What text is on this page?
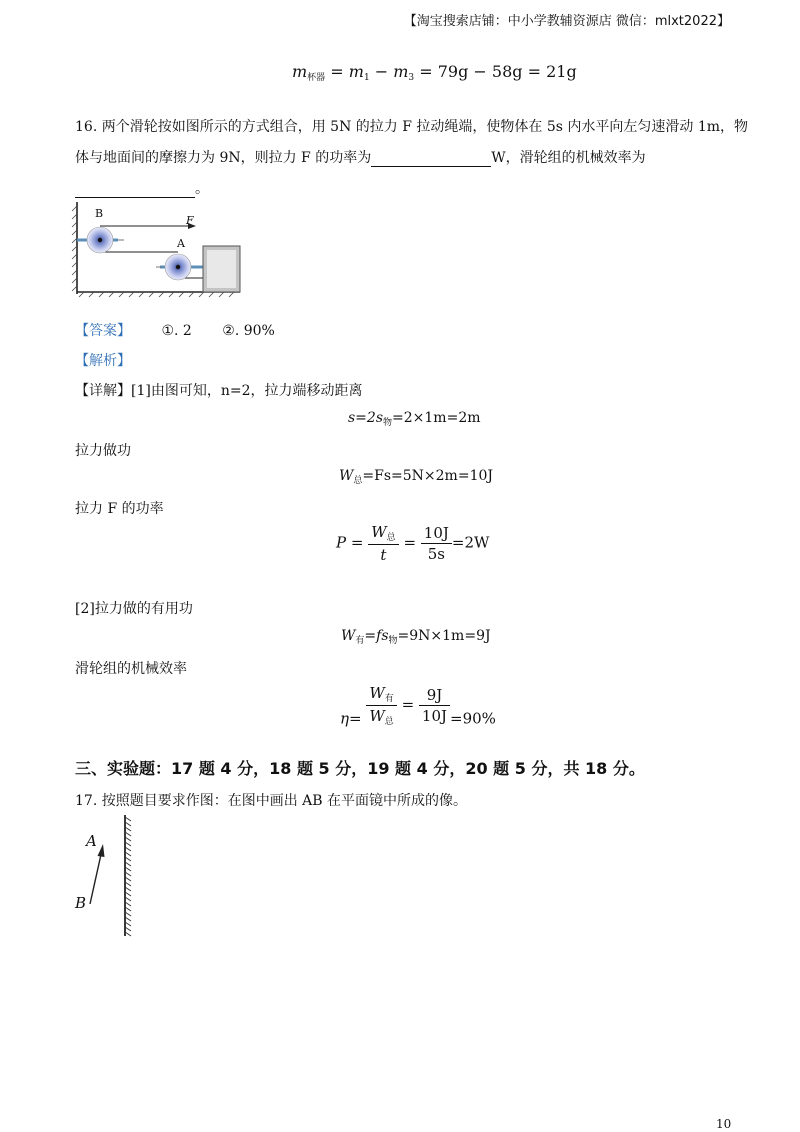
【淘宝搜索店铺：中小学教辅资源店 微信：mlxt2022】
$m_{杯器} = m_1 - m_3 = 79g - 58g = 21g$
16. 两个滑轮按如图所示的方式组合，用 5N 的拉力 F 拉动绳端，使物体在 5s 内水平向左匀速滑动 1m，物
体与地面间的摩擦力为 9N，则拉力 F 的功率为	W，滑轮组的机械效率为
。
B
A
F
【答案】 ①. 2 ②. 90%
【解析】
【详解】[1]由图可知，n=2，拉力端移动距离
$s=2s_物=2\times 1m=2m$
拉力做功
$W_总=Fs=5N\times 2m=10J$
拉力 F 的功率
$P = \frac{W_总}{t} = \frac{10J}{5s} =2W$
[2]拉力做的有用功
$W_有=fs_物=9N\times 1m=9J$
滑轮组的机械效率
$\eta= \frac{W_有}{W_总} = \frac{9J}{10J} =90\%$
三、实验题：17 题 4 分，18 题 5 分，19 题 4 分，20 题 5 分，共 18 分。
17. 按照题目要求作图：在图中画出 AB 在平面镜中所成的像。
A
B
10
